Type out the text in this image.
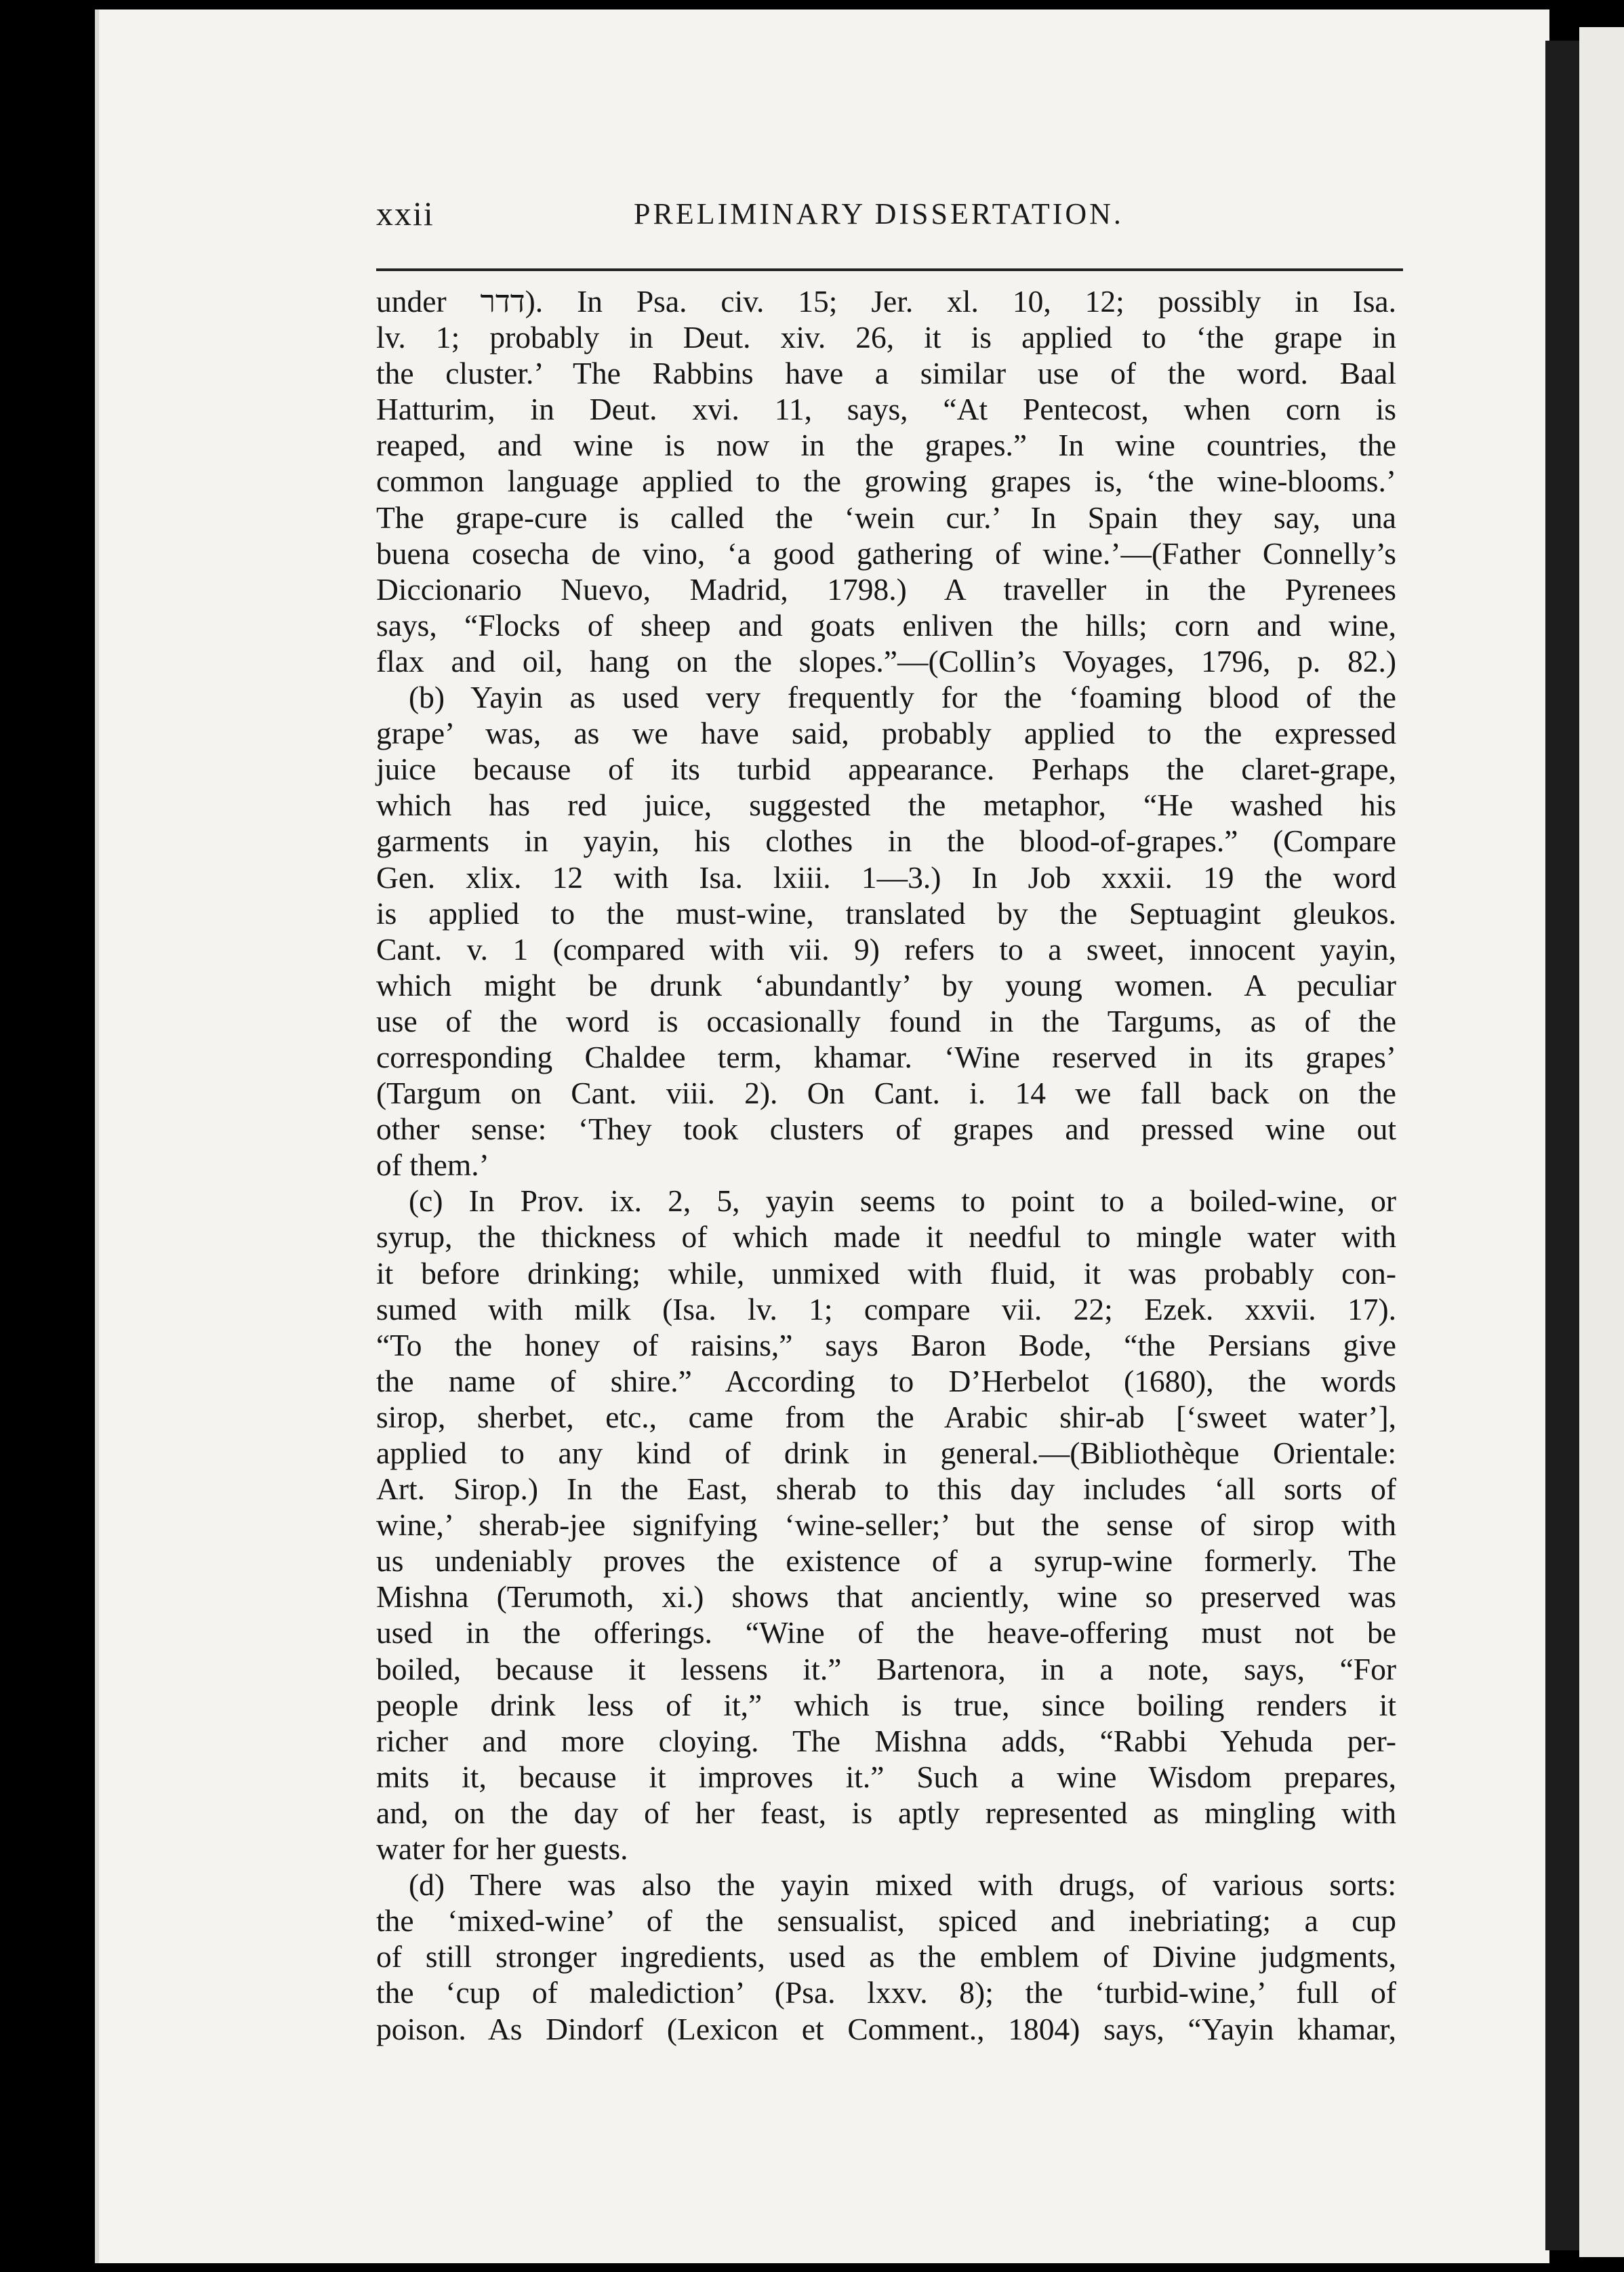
xxii	PRELIMINARY DISSERTATION.
under דדר). In Psa. civ. 15; Jer. xl. 10, 12; possibly in Isa.
lv. 1; probably in Deut. xiv. 26, it is applied to ‘the grape in
the cluster.’ The Rabbins have a similar use of the word. Baal
Hatturim, in Deut. xvi. 11, says, “At Pentecost, when corn is
reaped, and wine is now in the grapes.” In wine countries, the
common language applied to the growing grapes is, ‘the wine-blooms.’
The grape-cure is called the ‘wein cur.’ In Spain they say, una
buena cosecha de vino, ‘a good gathering of wine.’—(Father Connelly’s
Diccionario Nuevo, Madrid, 1798.) A traveller in the Pyrenees
says, “Flocks of sheep and goats enliven the hills; corn and wine,
flax and oil, hang on the slopes.”—(Collin’s Voyages, 1796, p. 82.)
(b) Yayin as used very frequently for the ‘foaming blood of the
grape’ was, as we have said, probably applied to the expressed
juice because of its turbid appearance. Perhaps the claret-grape,
which has red juice, suggested the metaphor, “He washed his
garments in yayin, his clothes in the blood-of-grapes.” (Compare
Gen. xlix. 12 with Isa. lxiii. 1—3.) In Job xxxii. 19 the word
is applied to the must-wine, translated by the Septuagint gleukos.
Cant. v. 1 (compared with vii. 9) refers to a sweet, innocent yayin,
which might be drunk ‘abundantly’ by young women. A peculiar
use of the word is occasionally found in the Targums, as of the
corresponding Chaldee term, khamar. ‘Wine reserved in its grapes’
(Targum on Cant. viii. 2). On Cant. i. 14 we fall back on the
other sense: ‘They took clusters of grapes and pressed wine out
of them.’
(c) In Prov. ix. 2, 5, yayin seems to point to a boiled-wine, or
syrup, the thickness of which made it needful to mingle water with
it before drinking; while, unmixed with fluid, it was probably con-
sumed with milk (Isa. lv. 1; compare vii. 22; Ezek. xxvii. 17).
“To the honey of raisins,” says Baron Bode, “the Persians give
the name of shire.” According to D’Herbelot (1680), the words
sirop, sherbet, etc., came from the Arabic shir-ab [‘sweet water’],
applied to any kind of drink in general.—(Bibliothèque Orientale:
Art. Sirop.) In the East, sherab to this day includes ‘all sorts of
wine,’ sherab-jee signifying ‘wine-seller;’ but the sense of sirop with
us undeniably proves the existence of a syrup-wine formerly. The
Mishna (Terumoth, xi.) shows that anciently, wine so preserved was
used in the offerings. “Wine of the heave-offering must not be
boiled, because it lessens it.” Bartenora, in a note, says, “For
people drink less of it,” which is true, since boiling renders it
richer and more cloying. The Mishna adds, “Rabbi Yehuda per-
mits it, because it improves it.” Such a wine Wisdom prepares,
and, on the day of her feast, is aptly represented as mingling with
water for her guests.
(d) There was also the yayin mixed with drugs, of various sorts:
the ‘mixed-wine’ of the sensualist, spiced and inebriating; a cup
of still stronger ingredients, used as the emblem of Divine judgments,
the ‘cup of malediction’ (Psa. lxxv. 8); the ‘turbid-wine,’ full of
poison. As Dindorf (Lexicon et Comment., 1804) says, “Yayin khamar,
